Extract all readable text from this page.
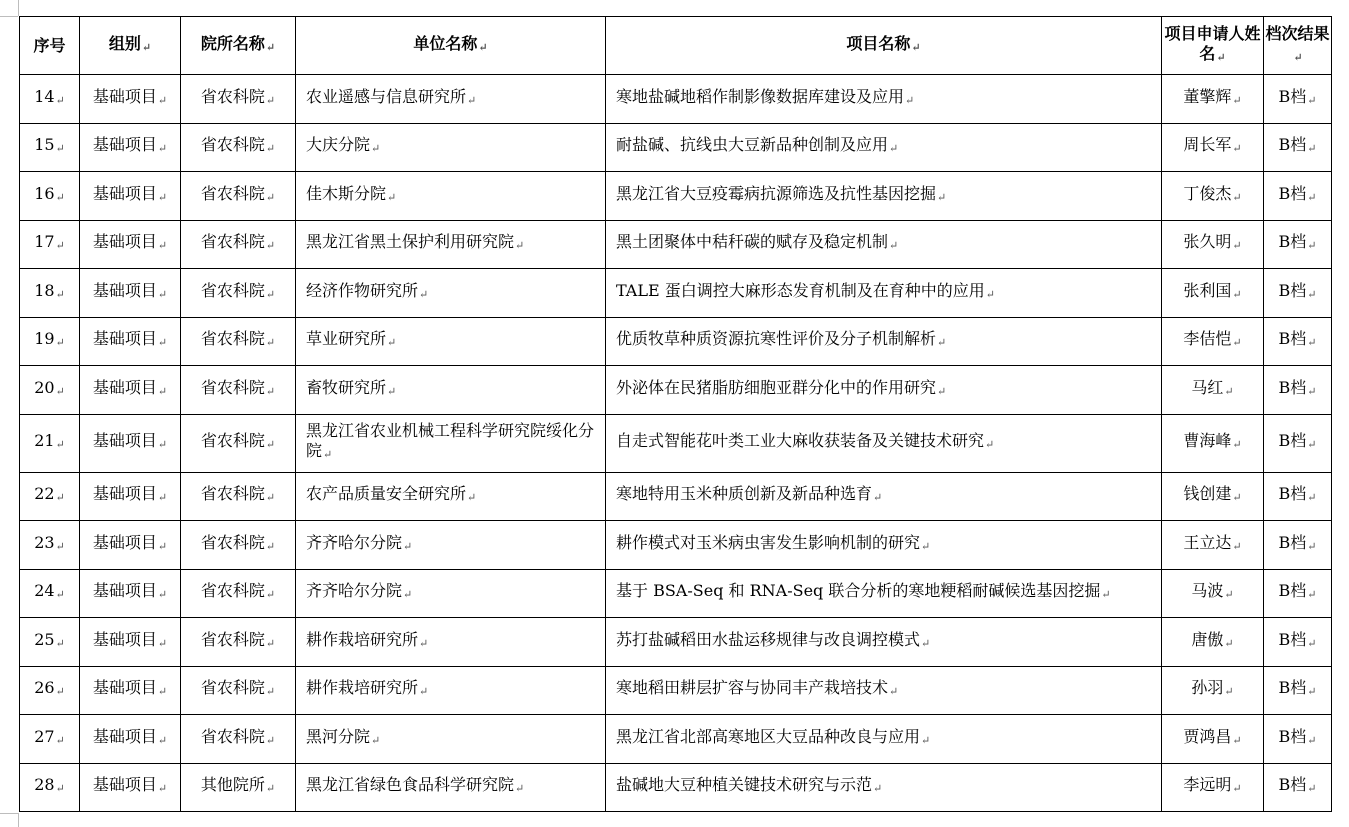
序号	组别↵	院所名称↵	单位名称↵	项目名称↵	项目申请人姓名↵	档次结果↵
14↵	基础项目↵	省农科院↵	农业遥感与信息研究所↵	寒地盐碱地稻作制影像数据库建设及应用↵	董擎辉↵	B档↵
15↵	基础项目↵	省农科院↵	大庆分院↵	耐盐碱、抗线虫大豆新品种创制及应用↵	周长军↵	B档↵
16↵	基础项目↵	省农科院↵	佳木斯分院↵	黑龙江省大豆疫霉病抗源筛选及抗性基因挖掘↵	丁俊杰↵	B档↵
17↵	基础项目↵	省农科院↵	黑龙江省黑土保护利用研究院↵	黑土团聚体中秸秆碳的赋存及稳定机制↵	张久明↵	B档↵
18↵	基础项目↵	省农科院↵	经济作物研究所↵	TALE 蛋白调控大麻形态发育机制及在育种中的应用↵	张利国↵	B档↵
19↵	基础项目↵	省农科院↵	草业研究所↵	优质牧草种质资源抗寒性评价及分子机制解析↵	李佶恺↵	B档↵
20↵	基础项目↵	省农科院↵	畜牧研究所↵	外泌体在民猪脂肪细胞亚群分化中的作用研究↵	马红↵	B档↵
21↵	基础项目↵	省农科院↵	黑龙江省农业机械工程科学研究院绥化分院↵	自走式智能花叶类工业大麻收获装备及关键技术研究↵	曹海峰↵	B档↵
22↵	基础项目↵	省农科院↵	农产品质量安全研究所↵	寒地特用玉米种质创新及新品种选育↵	钱创建↵	B档↵
23↵	基础项目↵	省农科院↵	齐齐哈尔分院↵	耕作模式对玉米病虫害发生影响机制的研究↵	王立达↵	B档↵
24↵	基础项目↵	省农科院↵	齐齐哈尔分院↵	基于 BSA-Seq 和 RNA-Seq 联合分析的寒地粳稻耐碱候选基因挖掘↵	马波↵	B档↵
25↵	基础项目↵	省农科院↵	耕作栽培研究所↵	苏打盐碱稻田水盐运移规律与改良调控模式↵	唐傲↵	B档↵
26↵	基础项目↵	省农科院↵	耕作栽培研究所↵	寒地稻田耕层扩容与协同丰产栽培技术↵	孙羽↵	B档↵
27↵	基础项目↵	省农科院↵	黑河分院↵	黑龙江省北部高寒地区大豆品种改良与应用↵	贾鸿昌↵	B档↵
28↵	基础项目↵	其他院所↵	黑龙江省绿色食品科学研究院↵	盐碱地大豆种植关键技术研究与示范↵	李远明↵	B档↵
